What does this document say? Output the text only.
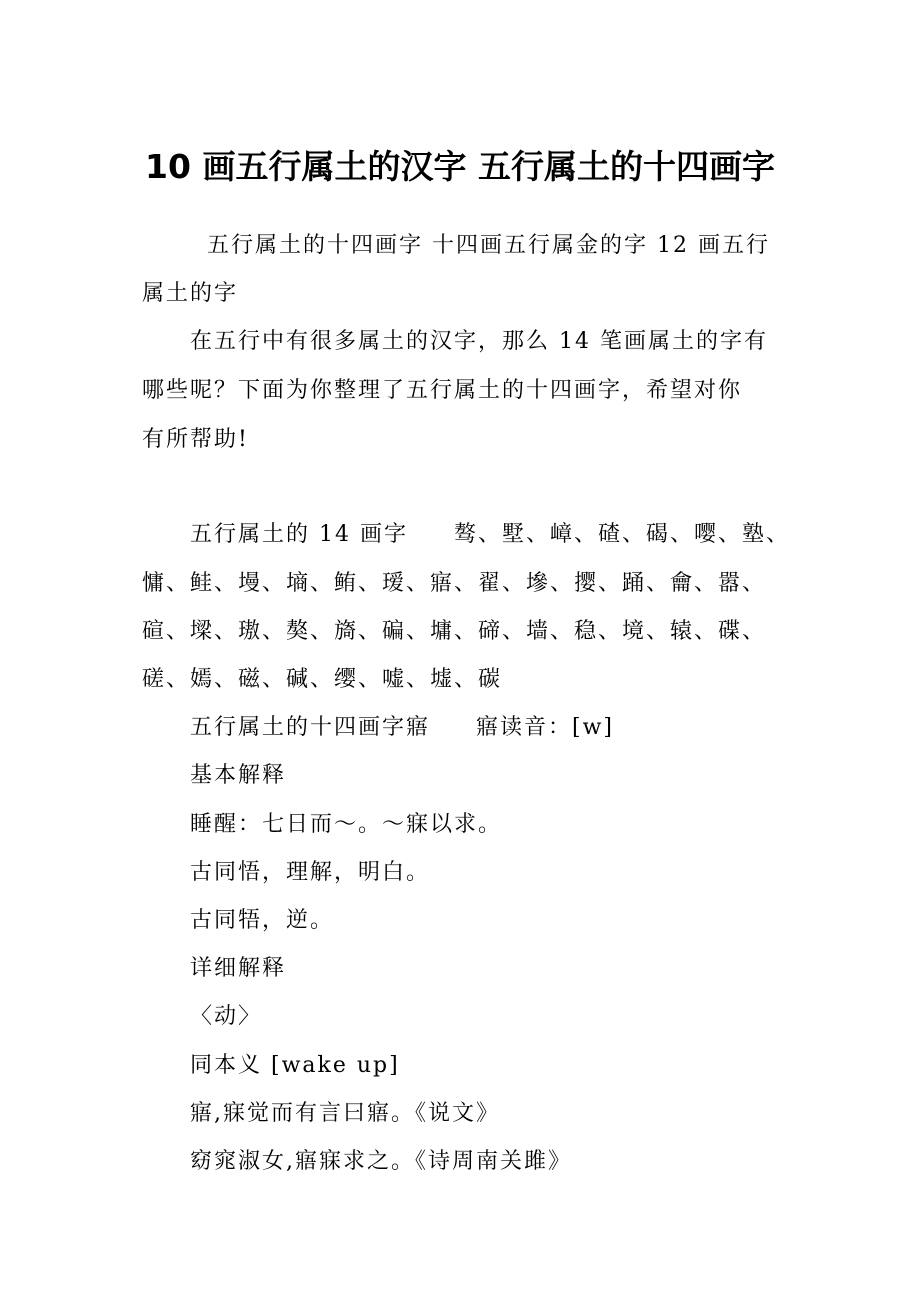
10 画五行属土的汉字 五行属土的十四画字
五行属土的十四画字 十四画五行属金的字 12 画五行
属土的字
在五行中有很多属土的汉字，那么 14 笔画属土的字有
哪些呢？下面为你整理了五行属土的十四画字，希望对你
有所帮助!
五行属土的 14 画字 骜、墅、嶂、碴、碣、嘤、塾、
慵、鲑、墁、墒、鲔、瑷、寤、翟、墋、撄、踊、龠、嚣、
碹、墚、璈、獒、旖、碥、墉、碲、墙、稳、境、辕、碟、
磋、嫣、磁、碱、缨、嘘、墟、碳
五行属土的十四画字寤 寤读音：[w]
基本解释
睡醒：七日而～。～寐以求。
古同悟，理解，明白。
古同牾，逆。
详细解释
〈动〉
同本义 [wake up]
寤,寐觉而有言曰寤。《说文》
窈窕淑女,寤寐求之。《诗周南关雎》
